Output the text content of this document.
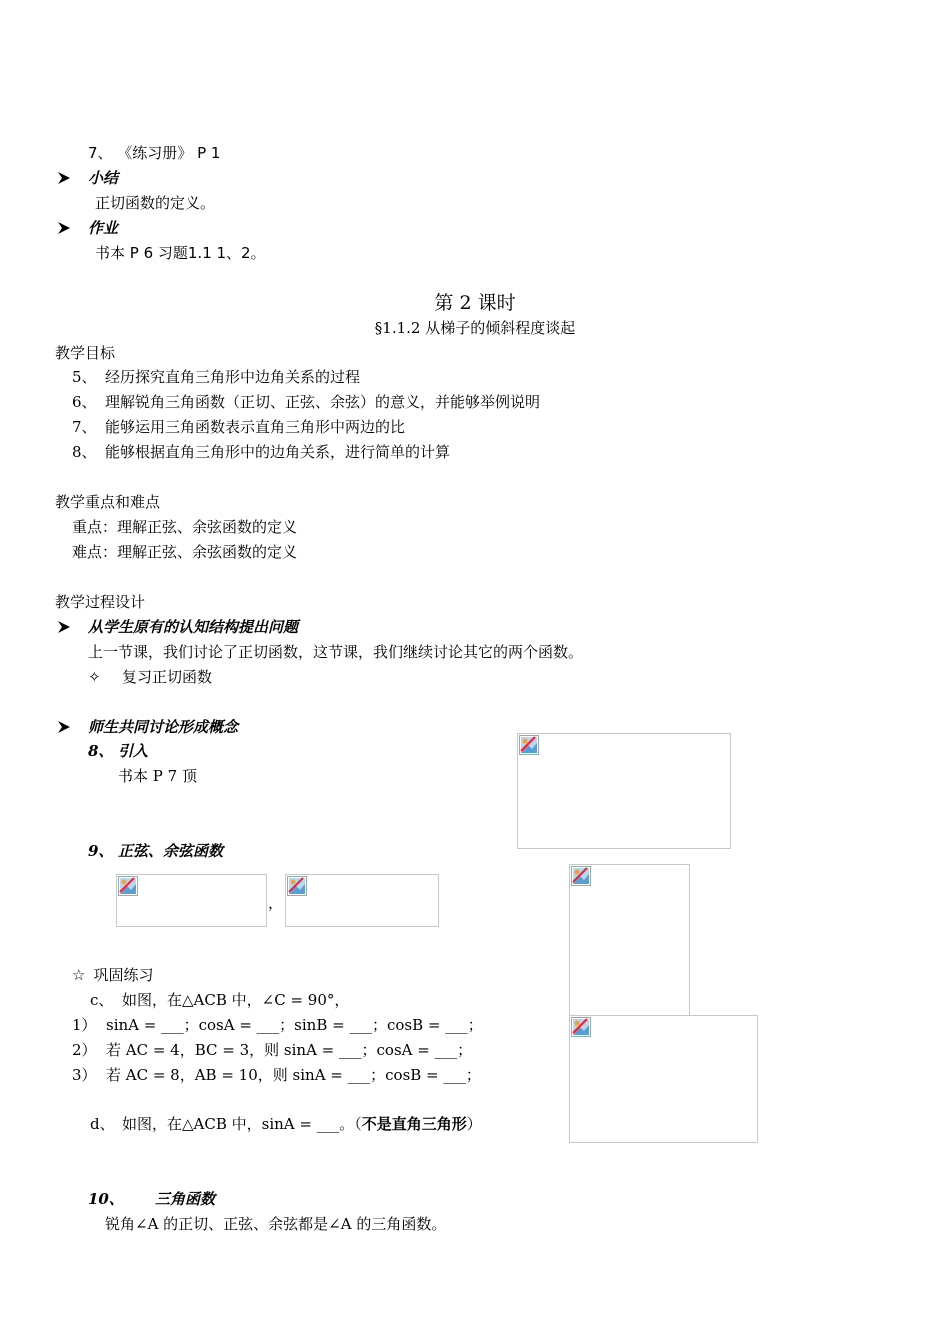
7、 《练习册》 P 1
小结
正切函数的定义。
作业
书本 P 6 习题1.1 1、2。
第 2 课时
§1.1.2 从梯子的倾斜程度谈起
教学目标
5、 经历探究直角三角形中边角关系的过程
6、 理解锐角三角函数（正切、正弦、余弦）的意义，并能够举例说明
7、 能够运用三角函数表示直角三角形中两边的比
8、 能够根据直角三角形中的边角关系，进行简单的计算
教学重点和难点
重点：理解正弦、余弦函数的定义
难点：理解正弦、余弦函数的定义
教学过程设计
从学生原有的认知结构提出问题
上一节课，我们讨论了正切函数，这节课，我们继续讨论其它的两个函数。
✧ 复习正切函数
师生共同讨论形成概念
8、 引入
书本 P 7 顶
9、 正弦、余弦函数
，
☆ 巩固练习
c、 如图，在△ACB 中，∠C = 90°，
1） sinA = ___；cosA = ___；sinB = ___；cosB = ___；
2） 若 AC = 4，BC = 3，则 sinA = ___；cosA = ___；
3） 若 AC = 8，AB = 10，则 sinA = ___；cosB = ___；
d、 如图，在△ACB 中，sinA = ___。（不是直角三角形）
10、 三角函数
锐角∠A 的正切、正弦、余弦都是∠A 的三角函数。
